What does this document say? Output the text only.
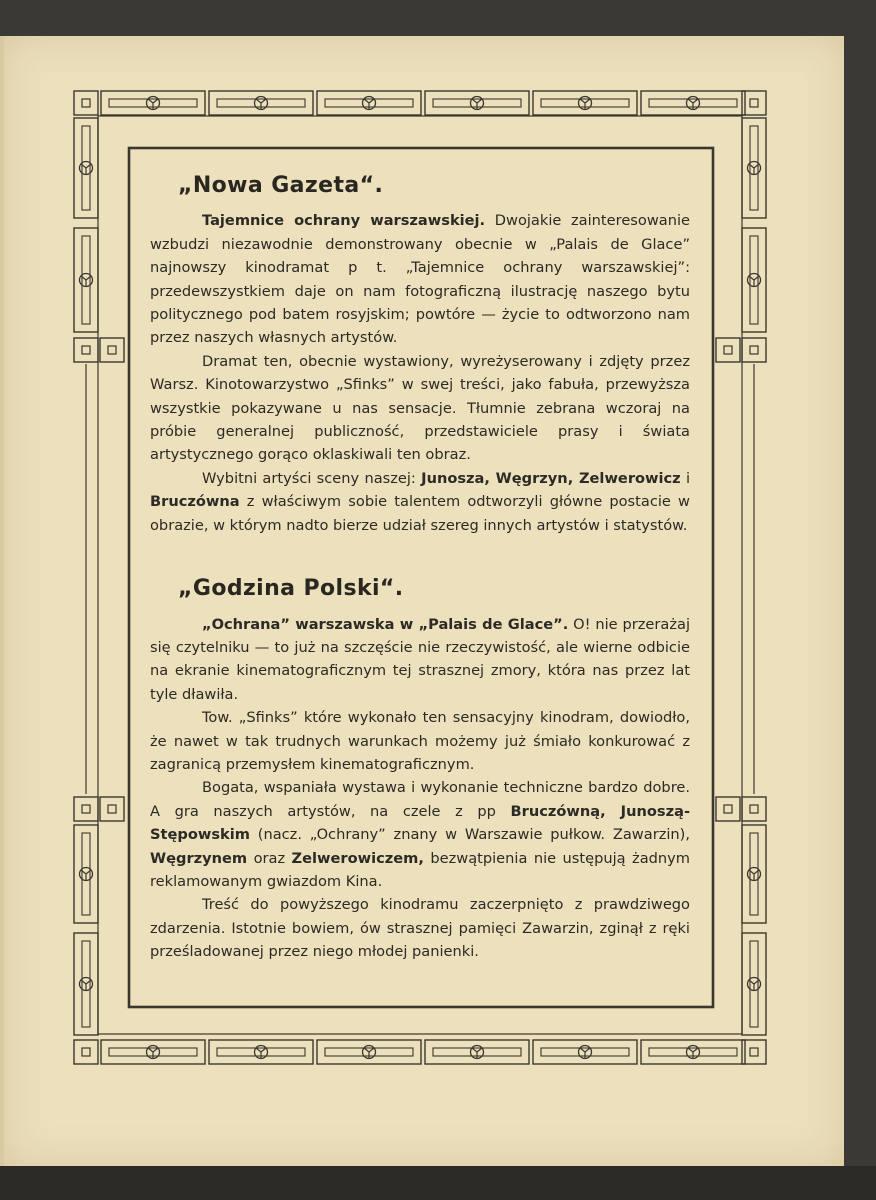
„Nowa Gazeta“.

Tajemnice ochrany warszawskiej. Dwojakie zainteresowanie wzbudzi niezawodnie demonstrowany obecnie w „Palais de Glace” najnowszy kinodramat p t. „Tajemnice ochrany warszawskiej”: przedewszystkiem daje on nam fotograficzną ilustrację naszego bytu politycznego pod batem rosyjskim; powtóre — życie to odtworzono nam przez naszych własnych artystów.

Dramat ten, obecnie wystawiony, wyreżyserowany i zdjęty przez Warsz. Kinotowarzystwo „Sfinks” w swej treści, jako fabuła, przewyższa wszystkie pokazywane u nas sensacje. Tłumnie zebrana wczoraj na próbie generalnej publiczność, przedstawiciele prasy i świata artystycznego gorąco oklaskiwali ten obraz.

Wybitni artyści sceny naszej: Junosza, Węgrzyn, Zelwerowicz i Bruczówna z właściwym sobie talentem odtworzyli główne postacie w obrazie, w którym nadto bierze udział szereg innych artystów i statystów.

„Godzina Polski“.

„Ochrana” warszawska w „Palais de Glace”. O! nie przerażaj się czytelniku — to już na szczęście nie rzeczywistość, ale wierne odbicie na ekranie kinematograficznym tej strasznej zmory, która nas przez lat tyle dławiła.

Tow. „Sfinks” które wykonało ten sensacyjny kinodram, dowiodło, że nawet w tak trudnych warunkach możemy już śmiało konkurować z zagranicą przemysłem kinematograficznym.

Bogata, wspaniała wystawa i wykonanie techniczne bardzo dobre. A gra naszych artystów, na czele z pp Bruczówną, Junoszą-Stępowskim (nacz. „Ochrany” znany w Warszawie pułkow. Zawarzin), Węgrzynem oraz Zelwerowiczem, bezwątpienia nie ustępują żadnym reklamowanym gwiazdom Kina.

Treść do powyższego kinodramu zaczerpnięto z prawdziwego zdarzenia. Istotnie bowiem, ów strasznej pamięci Zawarzin, zginął z ręki prześladowanej przez niego młodej panienki.
